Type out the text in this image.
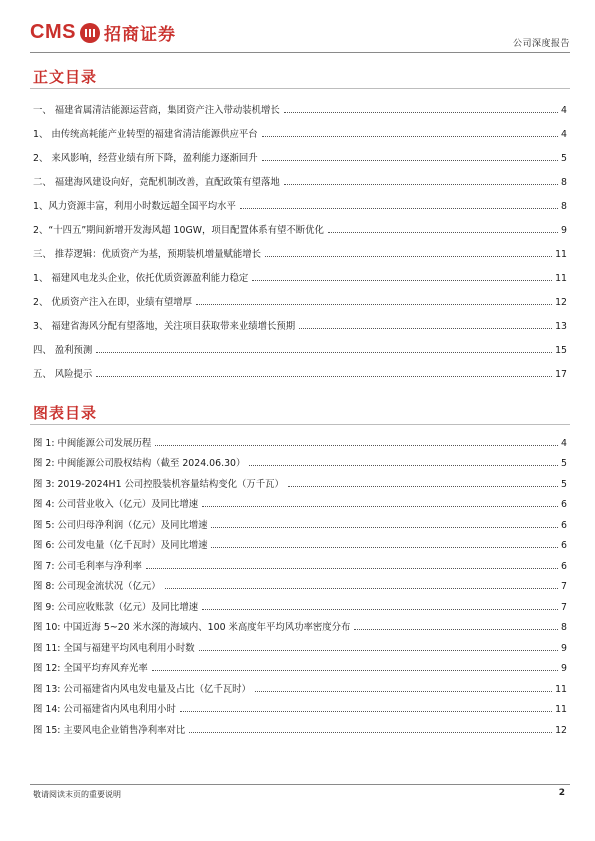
CMS 招商证券	公司深度报告
正文目录
一、 福建省属清洁能源运营商，集团资产注入带动装机增长	4
1、 由传统高耗能产业转型的福建省清洁能源供应平台	4
2、 来风影响，经营业绩有所下降，盈利能力逐渐回升	5
二、 福建海风建设向好，竞配机制改善，直配政策有望落地	8
1、风力资源丰富，利用小时数远超全国平均水平	8
2、“十四五”期间新增开发海风超 10GW，项目配置体系有望不断优化	9
三、 推荐逻辑：优质资产为基，预期装机增量赋能增长	11
1、 福建风电龙头企业，依托优质资源盈利能力稳定	11
2、 优质资产注入在即，业绩有望增厚	12
3、 福建省海风分配有望落地，关注项目获取带来业绩增长预期	13
四、 盈利预测	15
五、 风险提示	17
图表目录
图 1: 中闽能源公司发展历程	4
图 2: 中闽能源公司股权结构（截至 2024.06.30）	5
图 3: 2019-2024H1 公司控股装机容量结构变化（万千瓦）	5
图 4: 公司营业收入（亿元）及同比增速	6
图 5: 公司归母净利润（亿元）及同比增速	6
图 6: 公司发电量（亿千瓦时）及同比增速	6
图 7: 公司毛利率与净利率	6
图 8: 公司现金流状况（亿元）	7
图 9: 公司应收账款（亿元）及同比增速	7
图 10: 中国近海 5~20 米水深的海域内、100 米高度年平均风功率密度分布	8
图 11: 全国与福建平均风电利用小时数	9
图 12: 全国平均弃风弃光率	9
图 13: 公司福建省内风电发电量及占比（亿千瓦时）	11
图 14: 公司福建省内风电利用小时	11
图 15: 主要风电企业销售净利率对比	12
敬请阅读末页的重要说明	2
